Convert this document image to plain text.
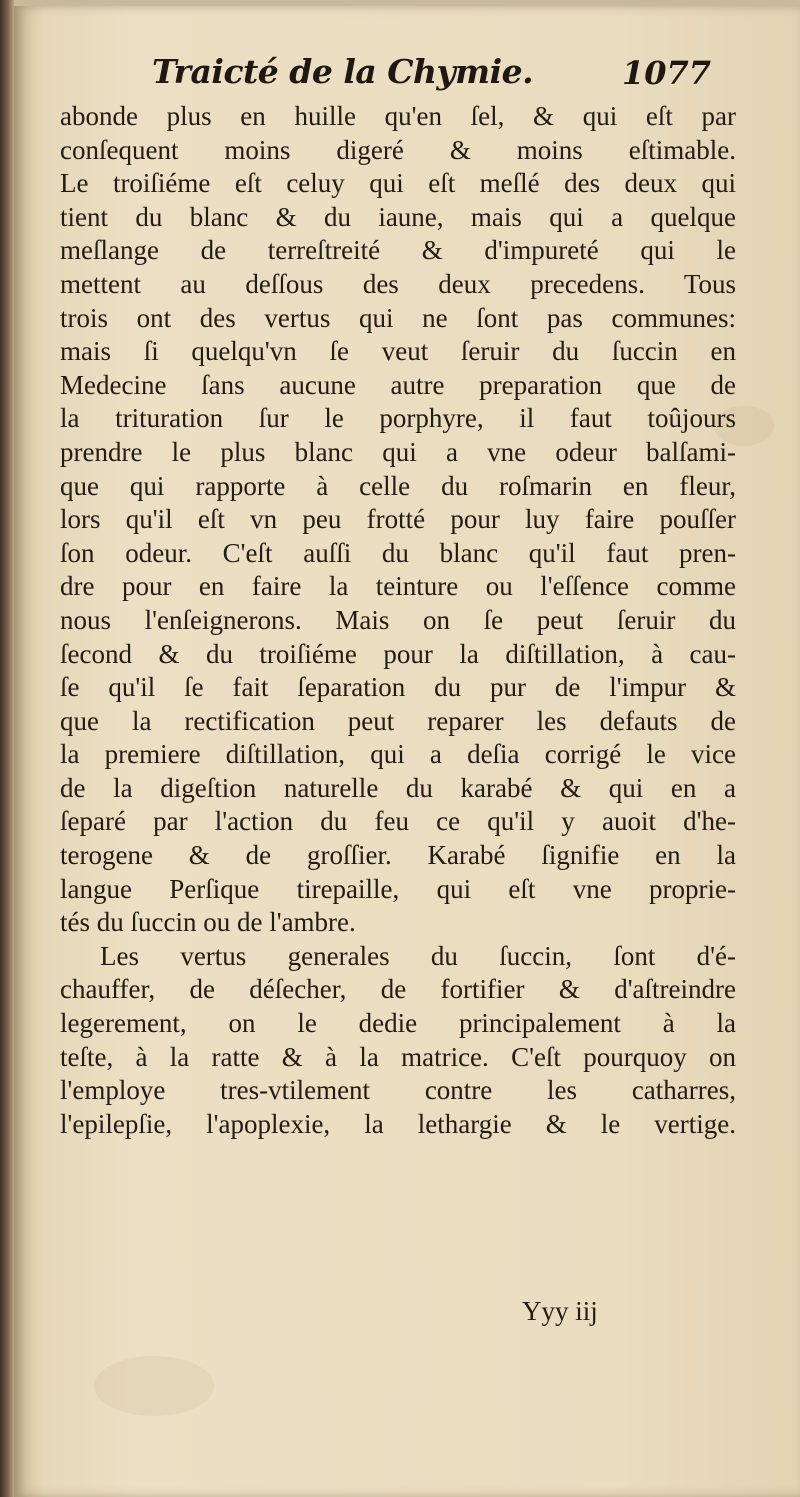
Traicté de la Chymie.	1077
abonde plus en huille qu'en ſel, & qui eſt par
conſequent moins digeré & moins eſtimable.
Le troiſiéme eſt celuy qui eſt meſlé des deux qui
tient du blanc & du iaune, mais qui a quelque
meſlange de terreſtreité & d'impureté qui le
mettent au deſſous des deux precedens. Tous
trois ont des vertus qui ne ſont pas communes:
mais ſi quelqu'vn ſe veut ſeruir du ſuccin en
Medecine ſans aucune autre preparation que de
la trituration ſur le porphyre, il faut toûjours
prendre le plus blanc qui a vne odeur balſami-
que qui rapporte à celle du roſmarin en fleur,
lors qu'il eſt vn peu frotté pour luy faire pouſſer
ſon odeur. C'eſt auſſi du blanc qu'il faut pren-
dre pour en faire la teinture ou l'eſſence comme
nous l'enſeignerons. Mais on ſe peut ſeruir du
ſecond & du troiſiéme pour la diſtillation, à cau-
ſe qu'il ſe fait ſeparation du pur de l'impur &
que la rectification peut reparer les defauts de
la premiere diſtillation, qui a deſia corrigé le vice
de la digeſtion naturelle du karabé & qui en a
ſeparé par l'action du feu ce qu'il y auoit d'he-
terogene & de groſſier. Karabé ſignifie en la
langue Perſique tirepaille, qui eſt vne proprie-
tés du ſuccin ou de l'ambre.
Les vertus generales du ſuccin, ſont d'é-
chauffer, de déſecher, de fortifier & d'aſtreindre
legerement, on le dedie principalement à la
teſte, à la ratte & à la matrice. C'eſt pourquoy on
l'employe tres-vtilement contre les catharres,
l'epilepſie, l'apoplexie, la lethargie & le vertige.
Yyy iij
